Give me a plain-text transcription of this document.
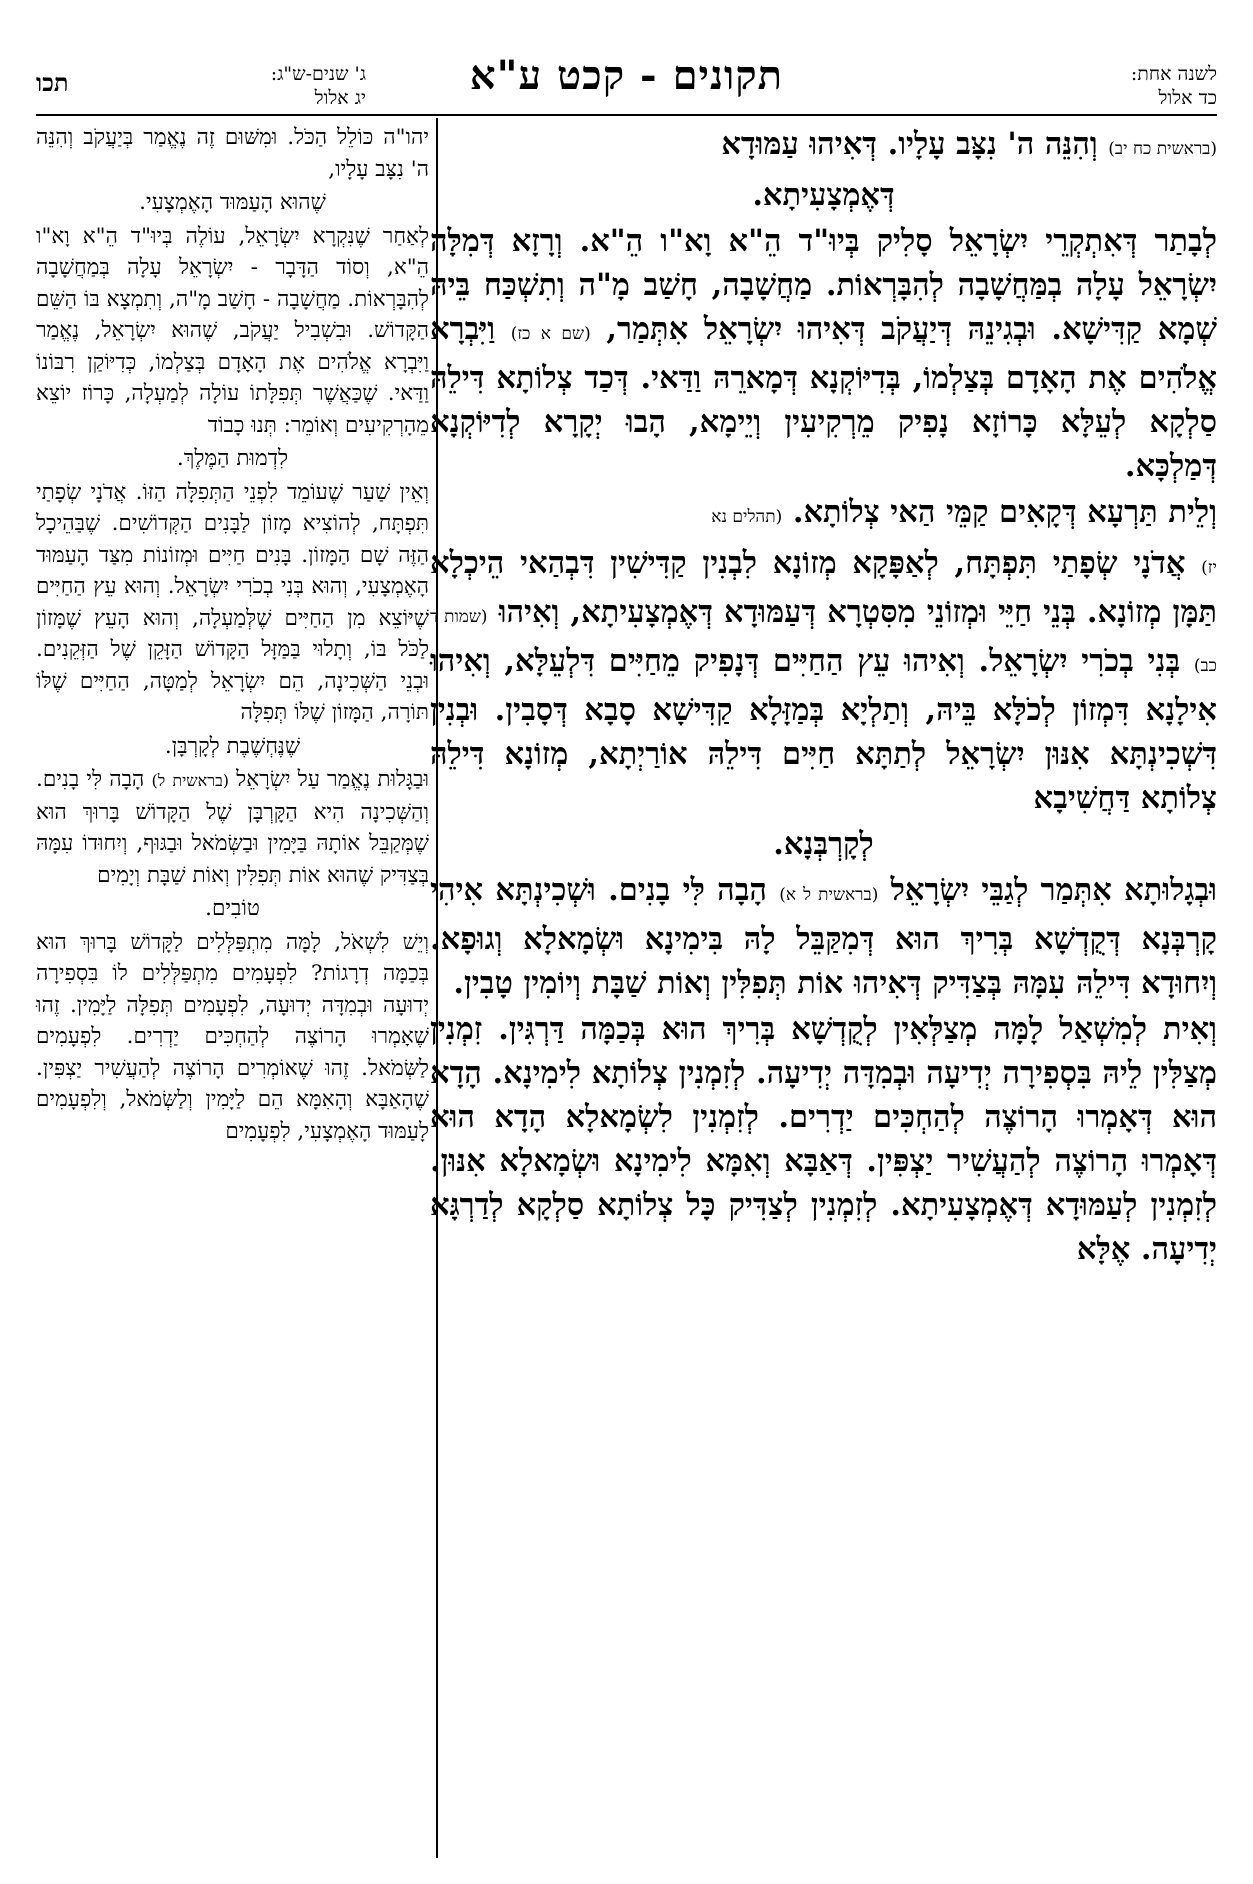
לשנה אחת:
כד אלול
תקונים - קכט ע"א
ג' שנים-ש"ג:
יג אלול
תכו

(בראשית כח יב) וְהִנֵּה ה' נִצָּב עָלָיו. דְּאִיהוּ עַמּוּדָא

דְּאֶמְצָעִיתָא.

לְבָתַר דְּאִתְקְרֵי יִשְׂרָאֵל סָלִיק בְּיוּ"ד הֵ"א וָא"ו הֵ"א. וְרָזָא דְּמִלָּה יִשְׂרָאֵל עָלָה בְמַּחֲשָׁבָה לְהִבָּרְאוֹת. מַחֲשָׁבָה, חָשַׁב מָ"ה וְתִשְׁכַּח בֵּיהּ שְׁמָא קַדִּישָׁא. וּבְגִינֵהּ דְּיַעֲקֹב דְּאִיהוּ יִשְׂרָאֵל אִתְּמַר, (שם א כז) וַיִּבְרָא אֱלֹהִים אֶת הָאָדָם בְּצַלְמוֹ, בְּדִיּוֹקְנָא דְּמָארֵהּ וַדַּאי. דְּכַד צְלוֹתָא דִּילֵהּ סַלְקָא לְעֵלָּא כָּרוֹזָא נָפִיק מֵרְקִיעִין וְיֵימָא, הָבוּ יְקָרָא לְדִיּוֹקְנָא דְּמַלְכָּא.

וְלֵית תַּרְעָא דְּקָאִים קַמֵּי הַאי צְלוֹתָא. (תהלים נא

יז) אֲדֹנָי שְׂפָתַי תִּפְתָּח, לְאַפָּקָא מְזוֹנָא לִבְנִין קַדִּישִׁין דִּבְהַאי הֵיכְלָא תַּמָּן מְזוֹנָא. בְּנֵי חַיֵּי וּמְזוֹנֵי מִסִּטְרָא דְּעַמּוּדָא דְּאֶמְצָעִיתָא, וְאִיהוּ (שמות ד כב) בְּנִי בְכֹרִי יִשְׂרָאֵל. וְאִיהוּ עֵץ הַחַיִּים דְּנָפִיק מֵחַיִּים דִּלְעֵלָּא, וְאִיהוּ אִילָנָא דִּמְזוֹן לְכֹלָּא בֵּיהּ, וְתַלְיָא בְּמַזָּלָא קַדִּישָׁא סָבָא דְּסָבִין. וּבְנִין דִּשְׁכִינְתָּא אִנּוּן יִשְׂרָאֵל לְתַתָּא חַיִּים דִּילֵהּ אוֹרַיְתָא, מְזוֹנָא דִּילֵהּ צְלוֹתָא דַּחֲשִׁיבָא

לְקָרְבְּנָא.

וּבְגָלוּתָא אִתְּמַר לְגַבֵּי יִשְׂרָאֵל (בראשית ל א) הָבָה לִּי בָנִים. וּשְׁכִינְתָּא אִיהִי קָרְבְּנָא דְּקֻדְשָׁא בְּרִיךְ הוּא דְּמִקַּבֵּל לָהּ בִּימִינָא וּשְׂמָאלָא וְגוּפָא. וְיִחוּדָא דִּילֵהּ עִמָּהּ בְּצַדִּיק דְּאִיהוּ אוֹת תְּפִלִּין וְאוֹת שַׁבָּת וְיוֹמִין טָבִין.

וְאִית לְמִשְׁאַל לָמָּה מְצַלְּאִין לְקֻדְשָׁא בְּרִיךְ הוּא בְּכַמָּה דַּרְגִּין. זִמְנִין מְצַלִּין לֵיהּ בִּסְפִירָה יְדִיעָה וּבְמִדָּה יְדִיעָה. לְזִמְנִין צְלוֹתָא לִימִינָא. הָדָא הוּא דְּאָמְרוּ הָרוֹצֶה לְהַחְכִּים יַדְרִים. לְזִמְנִין לִשְׂמָאלָא הָדָא הוּא דְּאָמְרוּ הָרוֹצֶה לְהַעֲשִׁיר יַצְפִּין. דְּאַבָּא וְאִמָּא לִימִינָא וּשְׂמָאלָא אִנּוּן. לְזִמְנִין לְעַמּוּדָא דְּאֶמְצָעִיתָא. לְזִמְנִין לְצַדִּיק כָּל צְלוֹתָא סַלְקָא לְדַרְגָּא יְדִיעָה. אֶלָּא

יהו"ה כּוֹלֵל הַכֹּל. וּמִשּׁוּם זֶה נֶאֱמַר בְּיַעֲקֹב וְהִנֵּה ה' נִצָּב עָלָיו,

שֶׁהוּא הָעַמּוּד הָאֶמְצָעִי.

לְאַחַר שֶׁנִּקְרָא יִשְׂרָאֵל, עוֹלֶה בְּיוּ"ד הֵ"א וָא"ו הֵ"א, וְסוֹד הַדָּבָר - יִשְׂרָאֵל עָלָה בְּמַחֲשָׁבָה לְהִבָּרְאוֹת. מַחֲשָׁבָה - חָשַׁב מָ"ה, וְתִמְצָא בּוֹ הַשֵּׁם הַקָּדוֹשׁ. וּבִשְׁבִיל יַעֲקֹב, שֶׁהוּא יִשְׂרָאֵל, נֶאֱמַר וַיִּבְרָא אֱלֹהִים אֶת הָאָדָם בְּצַלְמוֹ, כְּדִיּוֹקַן רִבּוֹנוֹ וַדַּאי. שֶׁכַּאֲשֶׁר תְּפִלָּתוֹ עוֹלָה לְמַעְלָה, כָּרוֹז יוֹצֵא מֵהָרְקִיעִים וְאוֹמֵר: תְּנוּ כָבוֹד

לִדְמוּת הַמֶּלֶךְ.

וְאֵין שַׁעַר שֶׁעוֹמֵד לִפְנֵי הַתְּפִלָּה הַזּוֹ. אֲדֹנָי שְׂפָתַי תִּפְתָּח, לְהוֹצִיא מָזוֹן לַבָּנִים הַקְּדוֹשִׁים. שֶׁבַּהֵיכָל הַזֶּה שָׁם הַמָּזוֹן. בָּנִים חַיִּים וּמְזוֹנוֹת מִצַּד הָעַמּוּד הָאֶמְצָעִי, וְהוּא בְּנִי בְכֹרִי יִשְׂרָאֵל. וְהוּא עֵץ הַחַיִּים שֶׁיּוֹצֵא מִן הַחַיִּים שֶׁלְּמַעְלָה, וְהוּא הָעֵץ שֶׁמָּזוֹן לַכֹּל בּוֹ, וְתָלוּי בַּמַּזָּל הַקָּדוֹשׁ הַזָּקֵן שֶׁל הַזְּקֵנִים. וּבְנֵי הַשְּׁכִינָה, הֵם יִשְׂרָאֵל לְמַטָּה, הַחַיִּים שֶׁלּוֹ תּוֹרָה, הַמָּזוֹן שֶׁלּוֹ תְּפִלָּה

שֶׁנֶּחְשֶׁבֶת לְקָרְבָּן.

וּבַגָּלוּת נֶאֱמַר עַל יִשְׂרָאֵל (בראשית ל) הָבָה לִּי בָנִים. וְהַשְּׁכִינָה הִיא הַקָּרְבָּן שֶׁל הַקָּדוֹשׁ בָּרוּךְ הוּא שֶׁמְּקַבֵּל אוֹתָהּ בַּיָּמִין וּבַשְּׂמֹאל וּבַגּוּף, וְיִחוּדוֹ עִמָּהּ בְּצַדִּיק שֶׁהוּא אוֹת תְּפִלִּין וְאוֹת שַׁבָּת וְיָמִים

טוֹבִים.

וְיֵשׁ לִשְׁאֹל, לָמָּה מִתְפַּלְּלִים לַקָּדוֹשׁ בָּרוּךְ הוּא בְּכַמָּה דְרָגוֹת? לִפְעָמִים מִתְפַּלְּלִים לוֹ בִּסְפִירָה יְדוּעָה וּבְמִדָּה יְדוּעָה, לִפְעָמִים תְּפִלָּה לַיָּמִין. זֶהוּ שֶׁאָמְרוּ הָרוֹצֶה לְהַחְכִּים יַדְרִים. לִפְעָמִים לַשְּׂמֹאל. זֶהוּ שֶׁאוֹמְרִים הָרוֹצֶה לְהַעֲשִׁיר יַצְפִּין. שֶׁהָאַבָּא וְהָאִמָּא הֵם לַיָּמִין וְלַשְּׂמֹאל, וְלִפְעָמִים לָעַמּוּד הָאֶמְצָעִי, לִפְעָמִים
